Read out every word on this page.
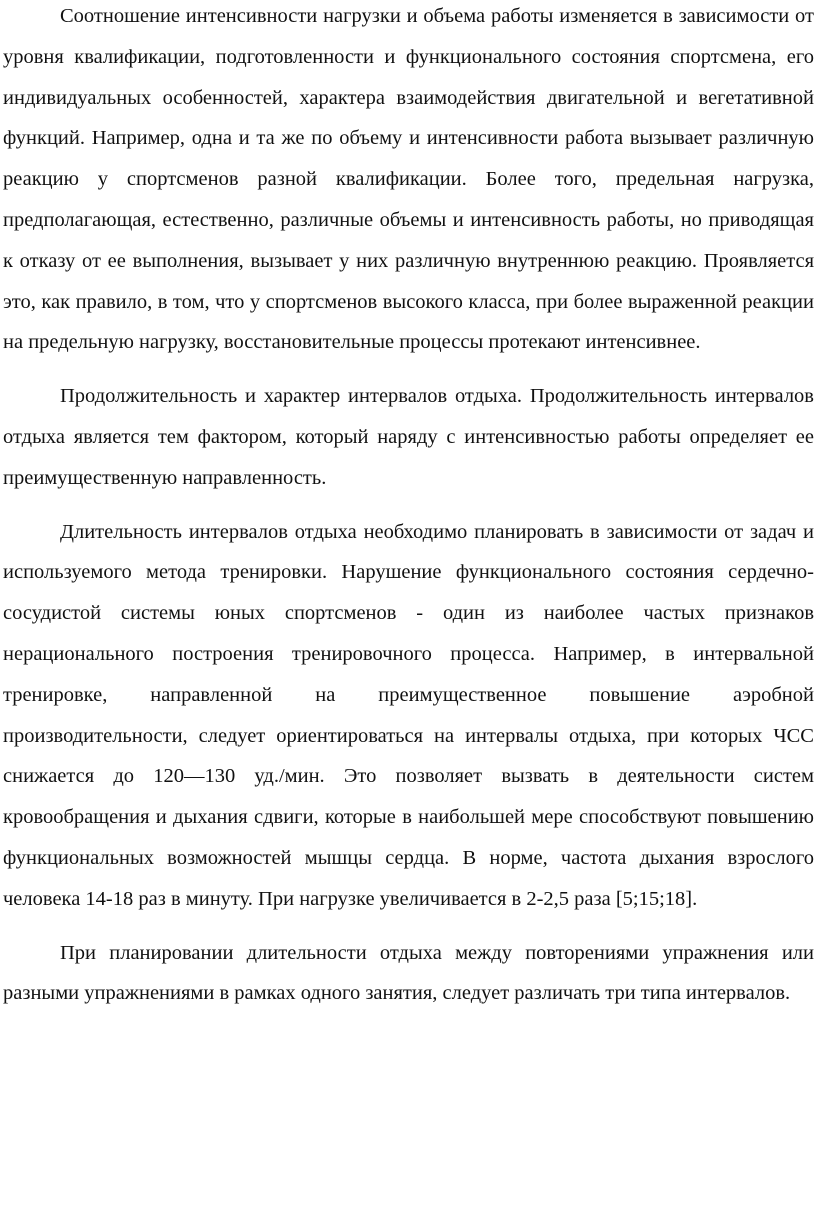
Соотношение интенсивности нагрузки и объема работы изменяется в зависимости от уровня квалификации, подготовленности и функционального состояния спортсмена, его индивидуальных особенностей, характера взаимодействия двигательной и вегетативной функций. Например, одна и та же по объему и интенсивности работа вызывает различную реакцию у спортсменов разной квалификации. Более того, предельная нагрузка, предполагающая, естественно, различные объемы и интенсивность работы, но приводящая к отказу от ее выполнения, вызывает у них различную внутреннюю реакцию. Проявляется это, как правило, в том, что у спортсменов высокого класса, при более выраженной реакции на предельную нагрузку, восстановительные процессы протекают интенсивнее.

Продолжительность и характер интервалов отдыха. Продолжительность интервалов отдыха является тем фактором, который наряду с интенсивностью работы определяет ее преимущественную направленность.

Длительность интервалов отдыха необходимо планировать в зависимости от задач и используемого метода тренировки. Нарушение функционального состояния сердечно-сосудистой системы юных спортсменов - один из наиболее частых признаков нерационального построения тренировочного процесса. Например, в интервальной тренировке, направленной на преимущественное повышение аэробной производительности, следует ориентироваться на интервалы отдыха, при которых ЧСС снижается до 120—130 уд./мин. Это позволяет вызвать в деятельности систем кровообращения и дыхания сдвиги, которые в наибольшей мере способствуют повышению функциональных возможностей мышцы сердца. В норме, частота дыхания взрослого человека 14-18 раз в минуту. При нагрузке увеличивается в 2-2,5 раза [5;15;18].

При планировании длительности отдыха между повторениями упражнения или разными упражнениями в рамках одного занятия, следует различать три типа интервалов.
